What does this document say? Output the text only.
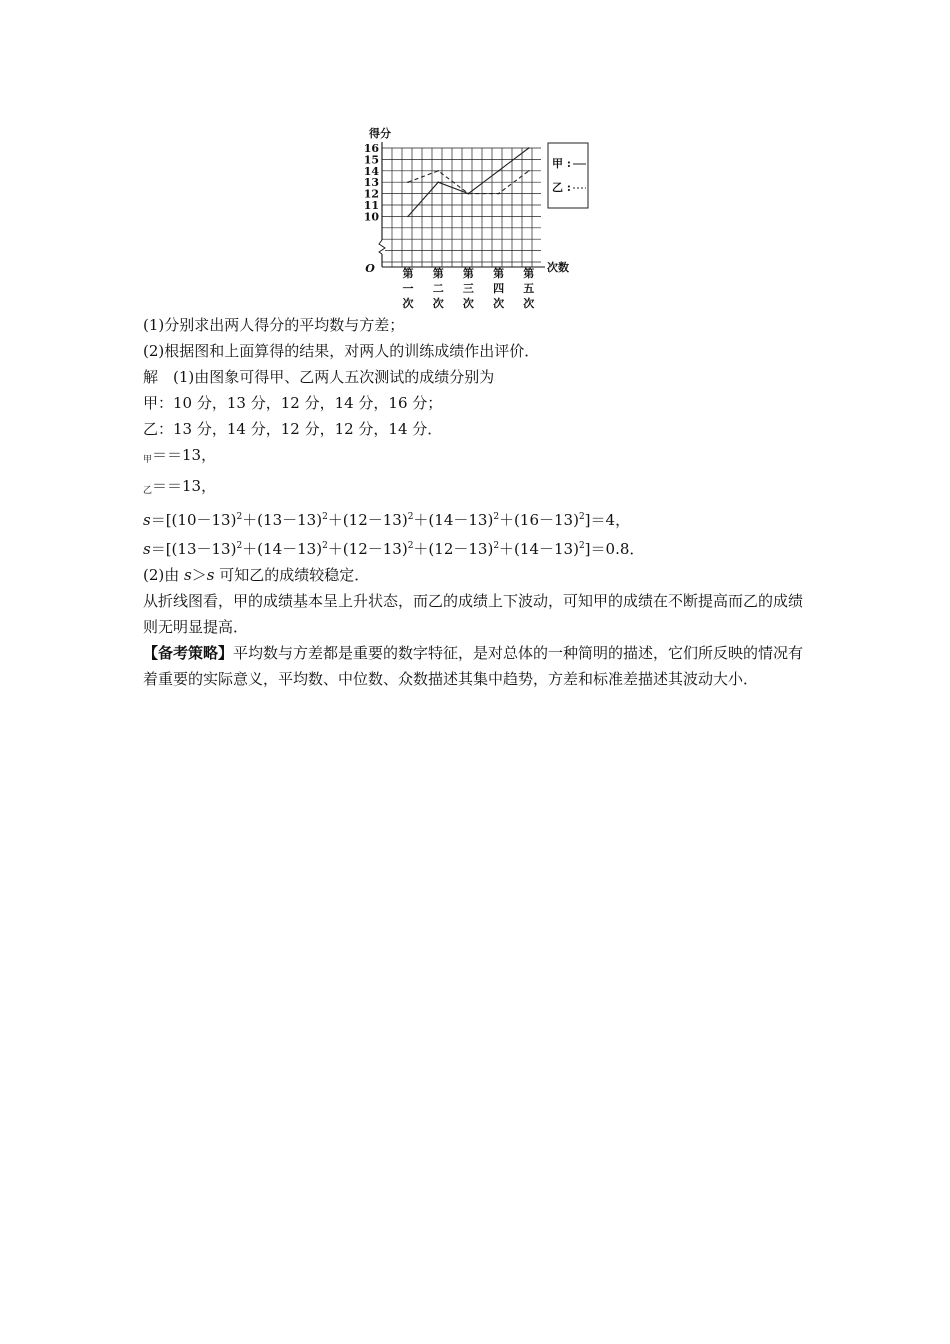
得分
10
11
12
13
14
15
16
O	次数
第
一
次
第
二
次
第
三
次
第
四
次
第
五
次
甲 :
乙 :

(1)分别求出两人得分的平均数与方差；

(2)根据图和上面算得的结果，对两人的训练成绩作出评价．

解　(1)由图象可得甲、乙两人五次测试的成绩分别为

甲：10 分，13 分，12 分，14 分，16 分；

乙：13 分，14 分，12 分，12 分，14 分．

$_甲$＝＝13，

$_乙$＝＝13，

$s=[(10-13)^2+(13-13)^2+(12-13)^2+(14-13)^2+(16-13)^2]=4$，

$s=[(13-13)^2+(14-13)^2+(12-13)^2+(12-13)^2+(14-13)^2]=0.8$．

(2)由 s＞s 可知乙的成绩较稳定．

从折线图看，甲的成绩基本呈上升状态，而乙的成绩上下波动，可知甲的成绩在不断提高而乙的成绩则无明显提高．

【备考策略】平均数与方差都是重要的数字特征，是对总体的一种简明的描述，它们所反映的情况有着重要的实际意义，平均数、中位数、众数描述其集中趋势，方差和标准差描述其波动大小．
